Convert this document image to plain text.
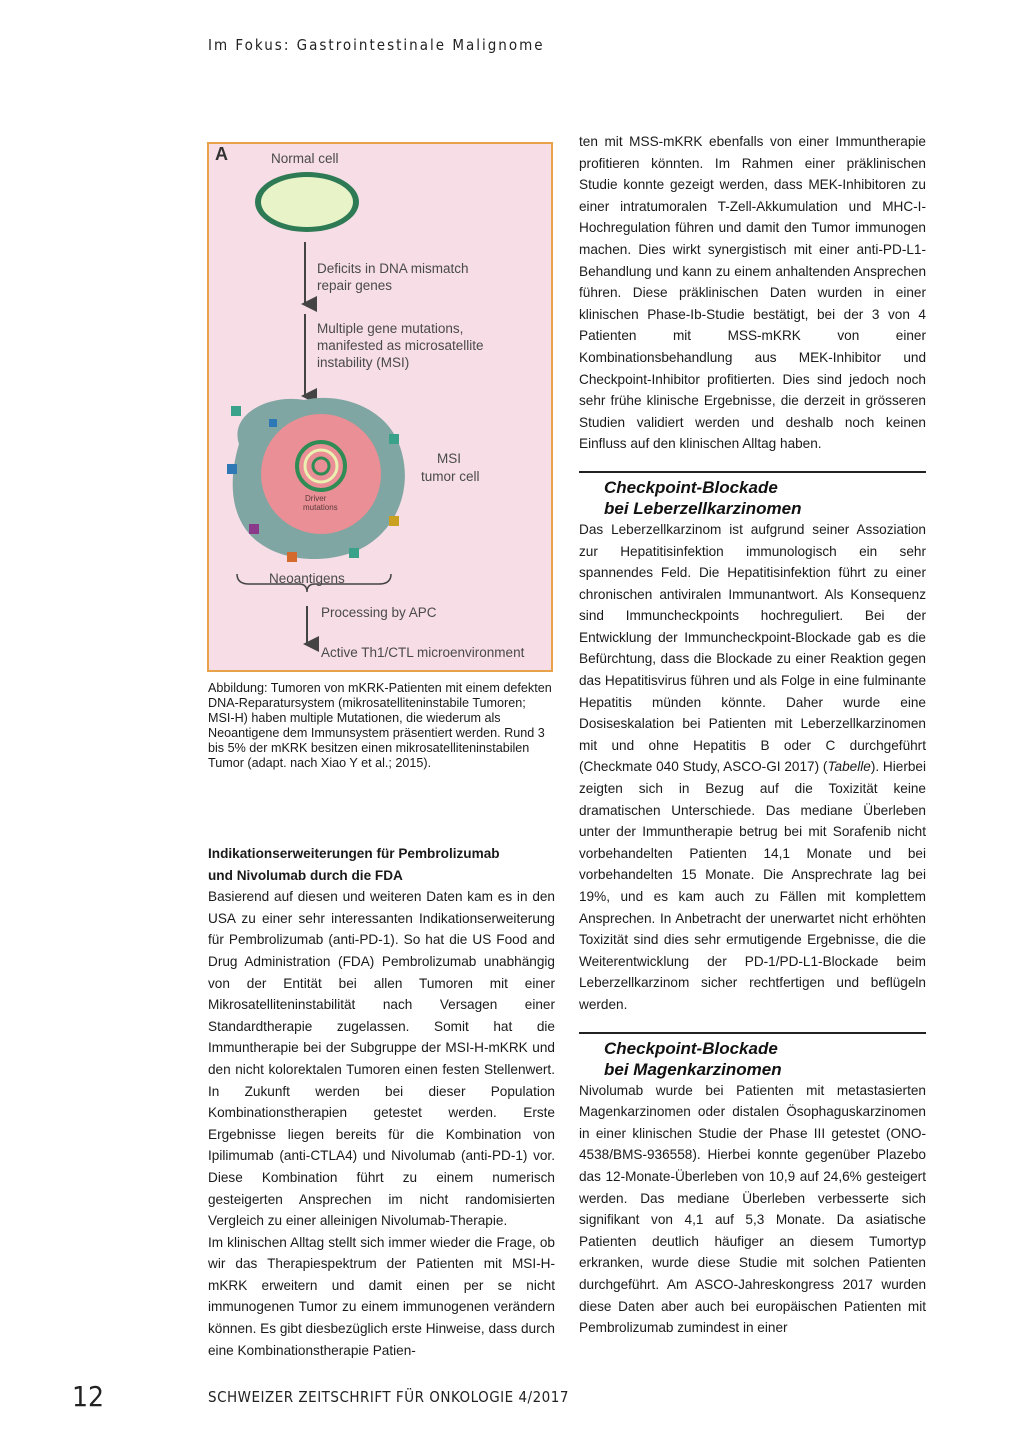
Im Fokus: Gastrointestinale Malignome
A	Normal cell
Deficits in DNA mismatch
repair genes
Multiple gene mutations,
manifested as microsatellite
instability (MSI)
MSI
tumor cell
Driver
mutations
Neoantigens
Processing by APC
Active Th1/CTL microenvironment
Abbildung: Tumoren von mKRK-Patienten mit einem defekten DNA-Reparatursystem (mikrosatelliteninstabile Tumoren; MSI-H) haben multiple Mutationen, die wiederum als Neoantigene dem Immunsystem präsentiert werden. Rund 3 bis 5% der mKRK besitzen einen mikrosatelliteninstabilen Tumor (adapt. nach Xiao Y et al.; 2015).

Indikationserweiterungen für Pembrolizumab

und Nivolumab durch die FDA

Basierend auf diesen und weiteren Daten kam es in den USA zu einer sehr interessanten Indikationserweiterung für Pembrolizumab (anti-PD-1). So hat die US Food and Drug Administration (FDA) Pembrolizumab unabhängig von der Entität bei allen Tumoren mit einer Mikrosatelliteninstabilität nach Versagen einer Standardtherapie zugelassen. Somit hat die Immuntherapie bei der Subgruppe der MSI-H-mKRK und den nicht kolorektalen Tumoren einen festen Stellenwert. In Zukunft werden bei dieser Population Kombinationstherapien getestet werden. Erste Ergebnisse liegen bereits für die Kombination von Ipilimumab (anti-CTLA4) und Nivolumab (anti-PD-1) vor. Diese Kombination führt zu einem numerisch gesteigerten Ansprechen im nicht randomisierten Vergleich zu einer alleinigen Nivolumab-Therapie.

Im klinischen Alltag stellt sich immer wieder die Frage, ob wir das Therapiespektrum der Patienten mit MSI-H-mKRK erweitern und damit einen per se nicht immunogenen Tumor zu einem immunogenen verändern können. Es gibt diesbezüglich erste Hinweise, dass durch eine Kombinationstherapie Patien-

ten mit MSS-mKRK ebenfalls von einer Immuntherapie profitieren könnten. Im Rahmen einer präklinischen Studie konnte gezeigt werden, dass MEK-Inhibitoren zu einer intratumoralen T-Zell-Akkumulation und MHC-I-Hochregulation führen und damit den Tumor immunogen machen. Dies wirkt synergistisch mit einer anti-PD-L1-Behandlung und kann zu einem anhaltenden Ansprechen führen. Diese präklinischen Daten wurden in einer klinischen Phase-Ib-Studie bestätigt, bei der 3 von 4 Patienten mit MSS-mKRK von einer Kombinationsbehandlung aus MEK-Inhibitor und Checkpoint-Inhibitor profitierten. Dies sind jedoch noch sehr frühe klinische Ergebnisse, die derzeit in grösseren Studien validiert werden und deshalb noch keinen Einfluss auf den klinischen Alltag haben.

Checkpoint-Blockade

bei Leberzellkarzinomen

Das Leberzellkarzinom ist aufgrund seiner Assoziation zur Hepatitisinfektion immunologisch ein sehr spannendes Feld. Die Hepatitisinfektion führt zu einer chronischen antiviralen Immunantwort. Als Konsequenz sind Immuncheckpoints hochreguliert. Bei der Entwicklung der Immuncheckpoint-Blockade gab es die Befürchtung, dass die Blockade zu einer Reaktion gegen das Hepatitisvirus führen und als Folge in eine fulminante Hepatitis münden könnte. Daher wurde eine Dosiseskalation bei Patienten mit Leberzellkarzinomen mit und ohne Hepatitis B oder C durchgeführt (Checkmate 040 Study, ASCO-GI 2017) (Tabelle). Hierbei zeigten sich in Bezug auf die Toxizität keine dramatischen Unterschiede. Das mediane Überleben unter der Immuntherapie betrug bei mit Sorafenib nicht vorbehandelten Patienten 14,1 Monate und bei vorbehandelten 15 Monate. Die Ansprechrate lag bei 19%, und es kam auch zu Fällen mit komplettem Ansprechen. In Anbetracht der unerwartet nicht erhöhten Toxizität sind dies sehr ermutigende Ergebnisse, die die Weiterentwicklung der PD-1/PD-L1-Blockade beim Leberzellkarzinom sicher rechtfertigen und beflügeln werden.

Checkpoint-Blockade

bei Magenkarzinomen

Nivolumab wurde bei Patienten mit metastasierten Magenkarzinomen oder distalen Ösophaguskarzinomen in einer klinischen Studie der Phase III getestet (ONO-4538/BMS-936558). Hierbei konnte gegenüber Plazebo das 12-Monate-Überleben von 10,9 auf 24,6% gesteigert werden. Das mediane Überleben verbesserte sich signifikant von 4,1 auf 5,3 Monate. Da asiatische Patienten deutlich häufiger an diesem Tumortyp erkranken, wurde diese Studie mit solchen Patienten durchgeführt. Am ASCO-Jahreskongress 2017 wurden diese Daten aber auch bei europäischen Patienten mit Pembrolizumab zumindest in einer

12	SCHWEIZER ZEITSCHRIFT FÜR ONKOLOGIE 4/2017
